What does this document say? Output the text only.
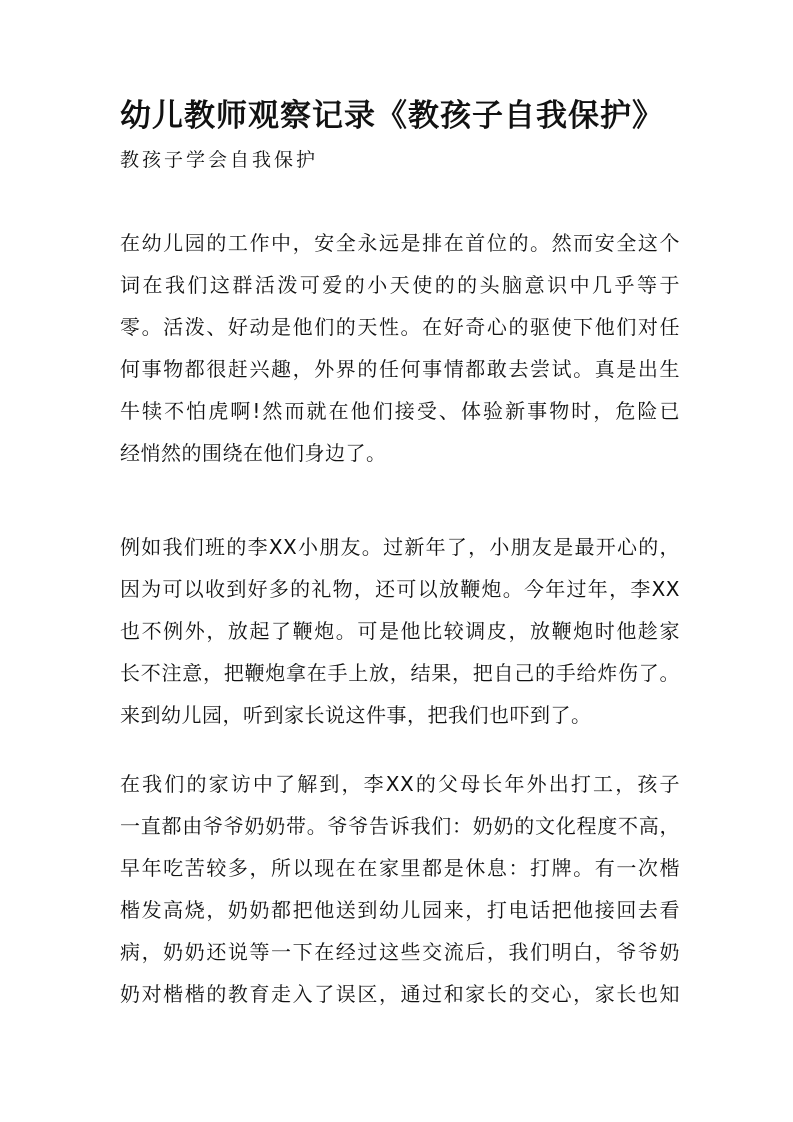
幼儿教师观察记录《教孩子自我保护》
教孩子学会自我保护
在幼儿园的工作中，安全永远是排在首位的。然而安全这个
词在我们这群活泼可爱的小天使的的头脑意识中几乎等于
零。活泼、好动是他们的天性。在好奇心的驱使下他们对任
何事物都很赶兴趣，外界的任何事情都敢去尝试。真是出生
牛犊不怕虎啊!然而就在他们接受、体验新事物时，危险已
经悄然的围绕在他们身边了。
例如我们班的李XX小朋友。过新年了，小朋友是最开心的，
因为可以收到好多的礼物，还可以放鞭炮。今年过年，李XX
也不例外，放起了鞭炮。可是他比较调皮，放鞭炮时他趁家
长不注意，把鞭炮拿在手上放，结果，把自己的手给炸伤了。
来到幼儿园，听到家长说这件事，把我们也吓到了。
在我们的家访中了解到，李XX的父母长年外出打工，孩子
一直都由爷爷奶奶带。爷爷告诉我们：奶奶的文化程度不高，
早年吃苦较多，所以现在在家里都是休息：打牌。有一次楷
楷发高烧，奶奶都把他送到幼儿园来，打电话把他接回去看
病，奶奶还说等一下在经过这些交流后，我们明白，爷爷奶
奶对楷楷的教育走入了误区，通过和家长的交心，家长也知
